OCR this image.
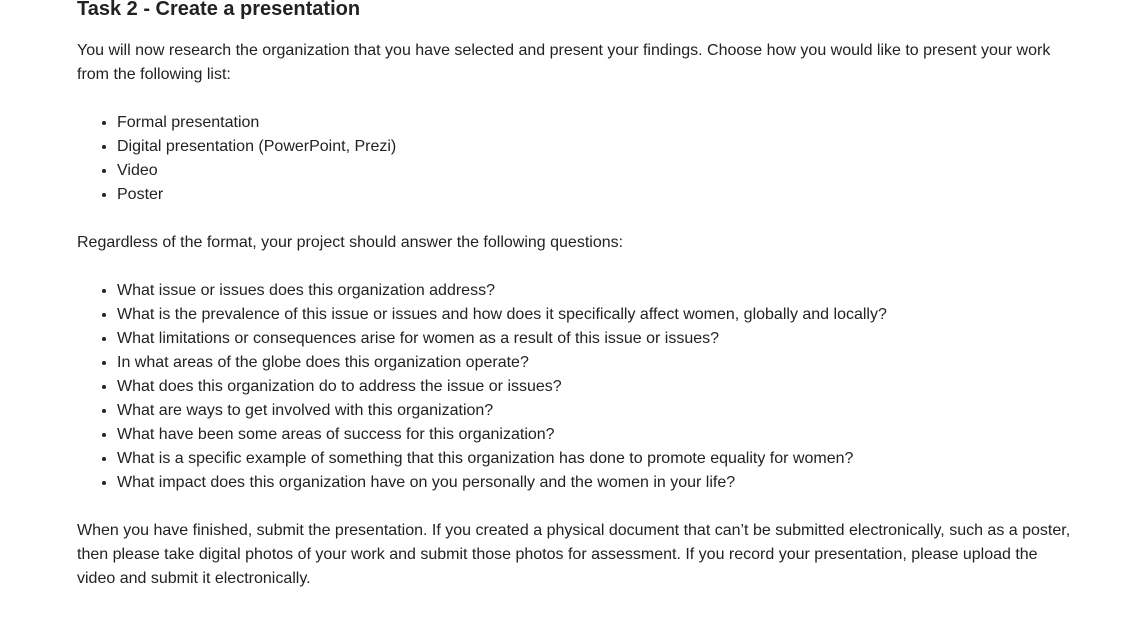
Task 2 - Create a presentation

You will now research the organization that you have selected and present your findings. Choose how you would like to present your work from the following list:

• Formal presentation
• Digital presentation (PowerPoint, Prezi)
• Video
• Poster

Regardless of the format, your project should answer the following questions:

• What issue or issues does this organization address?
• What is the prevalence of this issue or issues and how does it specifically affect women, globally and locally?
• What limitations or consequences arise for women as a result of this issue or issues?
• In what areas of the globe does this organization operate?
• What does this organization do to address the issue or issues?
• What are ways to get involved with this organization?
• What have been some areas of success for this organization?
• What is a specific example of something that this organization has done to promote equality for women?
• What impact does this organization have on you personally and the women in your life?

When you have finished, submit the presentation. If you created a physical document that can’t be submitted electronically, such as a poster, then please take digital photos of your work and submit those photos for assessment. If you record your presentation, please upload the video and submit it electronically.
